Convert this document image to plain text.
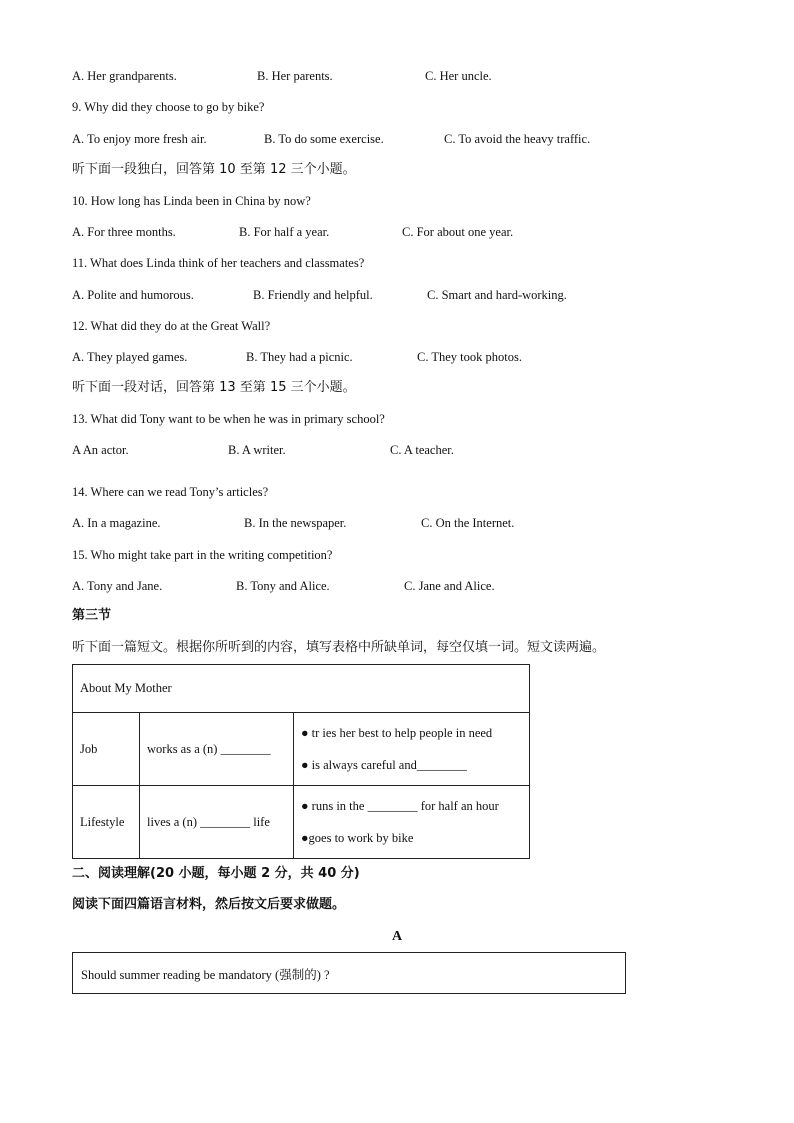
A. Her grandparents.	B. Her parents.	C. Her uncle.
9. Why did they choose to go by bike?
A. To enjoy more fresh air.	B. To do some exercise.	C. To avoid the heavy traffic.
听下面一段独白，回答第 10 至第 12 三个小题。
10. How long has Linda been in China by now?
A. For three months.	B. For half a year.	C. For about one year.
11. What does Linda think of her teachers and classmates?
A. Polite and humorous.	B. Friendly and helpful.	C. Smart and hard-working.
12. What did they do at the Great Wall?
A. They played games.	B. They had a picnic.	C. They took photos.
听下面一段对话，回答第 13 至第 15 三个小题。
13. What did Tony want to be when he was in primary school?
A An actor.	B. A writer.	C. A teacher.
14. Where can we read Tony’s articles?
A. In a magazine.	B. In the newspaper.	C. On the Internet.
15. Who might take part in the writing competition?
A. Tony and Jane.	B. Tony and Alice.	C. Jane and Alice.
第三节
听下面一篇短文。根据你所听到的内容，填写表格中所缺单词，每空仅填一词。短文读两遍。
About My Mother		
Job	works as a (n) ________	● tr ies her best to help people in need
● is always careful and________

Lifestyle	lives a (n) ________ life	● runs in the ________ for half an hour
●goes to work by bike
二、阅读理解(20 小题，每小题 2 分，共 40 分)
阅读下面四篇语言材料，然后按文后要求做题。
A
Should summer reading be mandatory (强制的) ?
